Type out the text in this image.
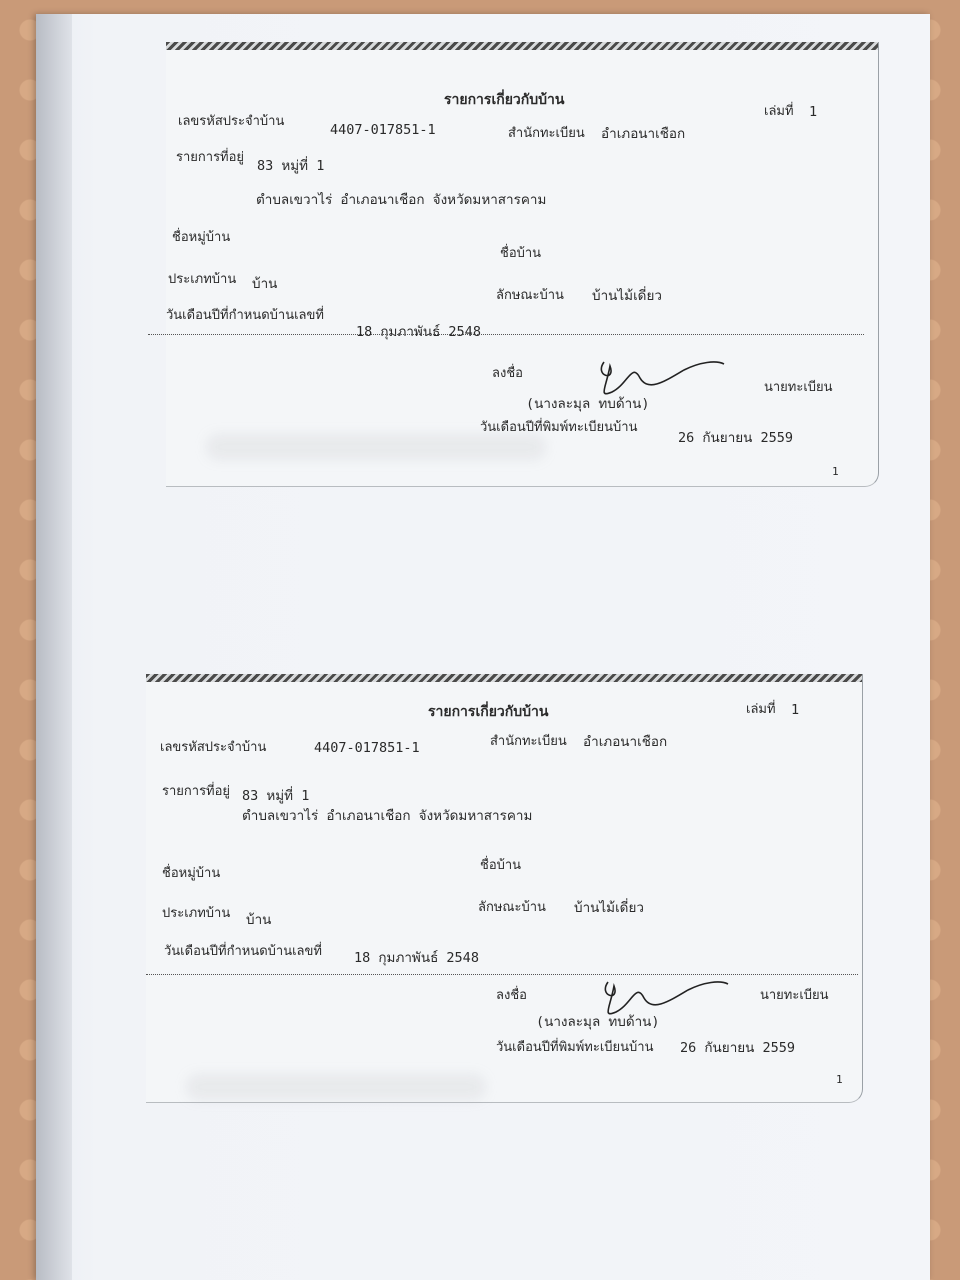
รายการเกี่ยวกับบ้าน
เล่มที่ 1
เลขรหัสประจำบ้าน
4407-017851-1	สำนักทะเบียน อำเภอนาเชือก
รายการที่อยู่
83 หมู่ที่ 1
ตำบลเขวาไร่ อำเภอนาเชือก จังหวัดมหาสารคาม
ชื่อหมู่บ้าน
ชื่อบ้าน
ประเภทบ้าน บ้าน
ลักษณะบ้าน บ้านไม้เดี่ยว
วันเดือนปีที่กำหนดบ้านเลขที่
18 กุมภาพันธ์ 2548
ลงชื่อ
นายทะเบียน
(นางละมุล ทบด้าน)
วันเดือนปีที่พิมพ์ทะเบียนบ้าน
26 กันยายน 2559
1
รายการเกี่ยวกับบ้าน	เล่มที่ 1
เลขรหัสประจำบ้าน	4407-017851-1	สำนักทะเบียน อำเภอนาเชือก
รายการที่อยู่ 83 หมู่ที่ 1
ตำบลเขวาไร่ อำเภอนาเชือก จังหวัดมหาสารคาม
ชื่อหมู่บ้าน
ชื่อบ้าน
ประเภทบ้าน บ้าน
ลักษณะบ้าน บ้านไม้เดี่ยว
วันเดือนปีที่กำหนดบ้านเลขที่ 18 กุมภาพันธ์ 2548
ลงชื่อ	นายทะเบียน
(นางละมุล ทบด้าน)
วันเดือนปีที่พิมพ์ทะเบียนบ้าน 26 กันยายน 2559
1
